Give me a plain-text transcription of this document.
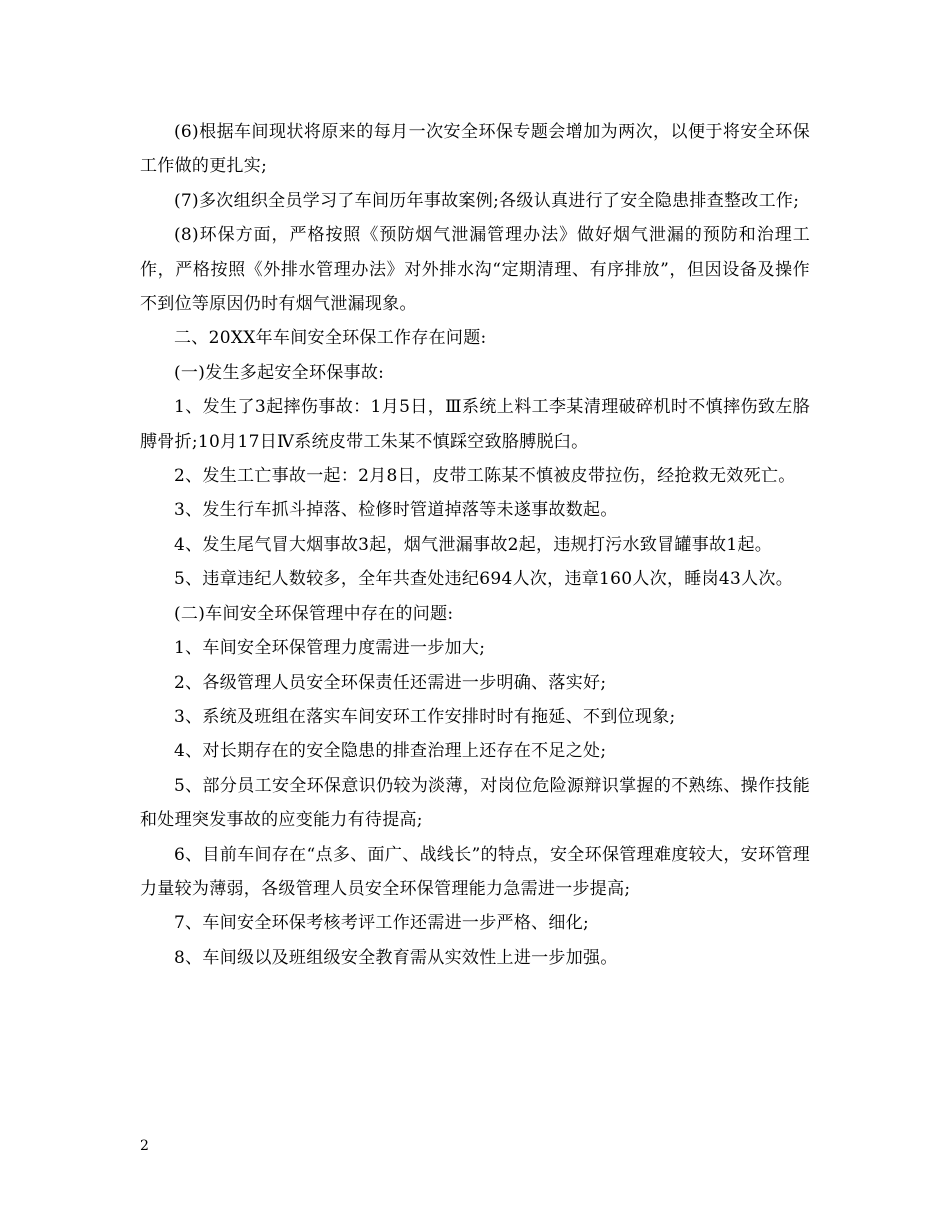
(6)根据车间现状将原来的每月一次安全环保专题会增加为两次，以便于将安全环保工作做的更扎实;

(7)多次组织全员学习了车间历年事故案例;各级认真进行了安全隐患排查整改工作;

(8)环保方面，严格按照《预防烟气泄漏管理办法》做好烟气泄漏的预防和治理工作，严格按照《外排水管理办法》对外排水沟“定期清理、有序排放”，但因设备及操作不到位等原因仍时有烟气泄漏现象。

二、20XX年车间安全环保工作存在问题:

(一)发生多起安全环保事故:

1、发生了3起摔伤事故：1月5日，Ⅲ系统上料工李某清理破碎机时不慎摔伤致左胳膊骨折;10月17日Ⅳ系统皮带工朱某不慎踩空致胳膊脱臼。

2、发生工亡事故一起：2月8日，皮带工陈某不慎被皮带拉伤，经抢救无效死亡。

3、发生行车抓斗掉落、检修时管道掉落等未遂事故数起。

4、发生尾气冒大烟事故3起，烟气泄漏事故2起，违规打污水致冒罐事故1起。

5、违章违纪人数较多，全年共查处违纪694人次，违章160人次，睡岗43人次。

(二)车间安全环保管理中存在的问题:

1、车间安全环保管理力度需进一步加大;

2、各级管理人员安全环保责任还需进一步明确、落实好;

3、系统及班组在落实车间安环工作安排时时有拖延、不到位现象;

4、对长期存在的安全隐患的排查治理上还存在不足之处;

5、部分员工安全环保意识仍较为淡薄，对岗位危险源辩识掌握的不熟练、操作技能和处理突发事故的应变能力有待提高;

6、目前车间存在“点多、面广、战线长”的特点，安全环保管理难度较大，安环管理力量较为薄弱，各级管理人员安全环保管理能力急需进一步提高;

7、车间安全环保考核考评工作还需进一步严格、细化;

8、车间级以及班组级安全教育需从实效性上进一步加强。

2
